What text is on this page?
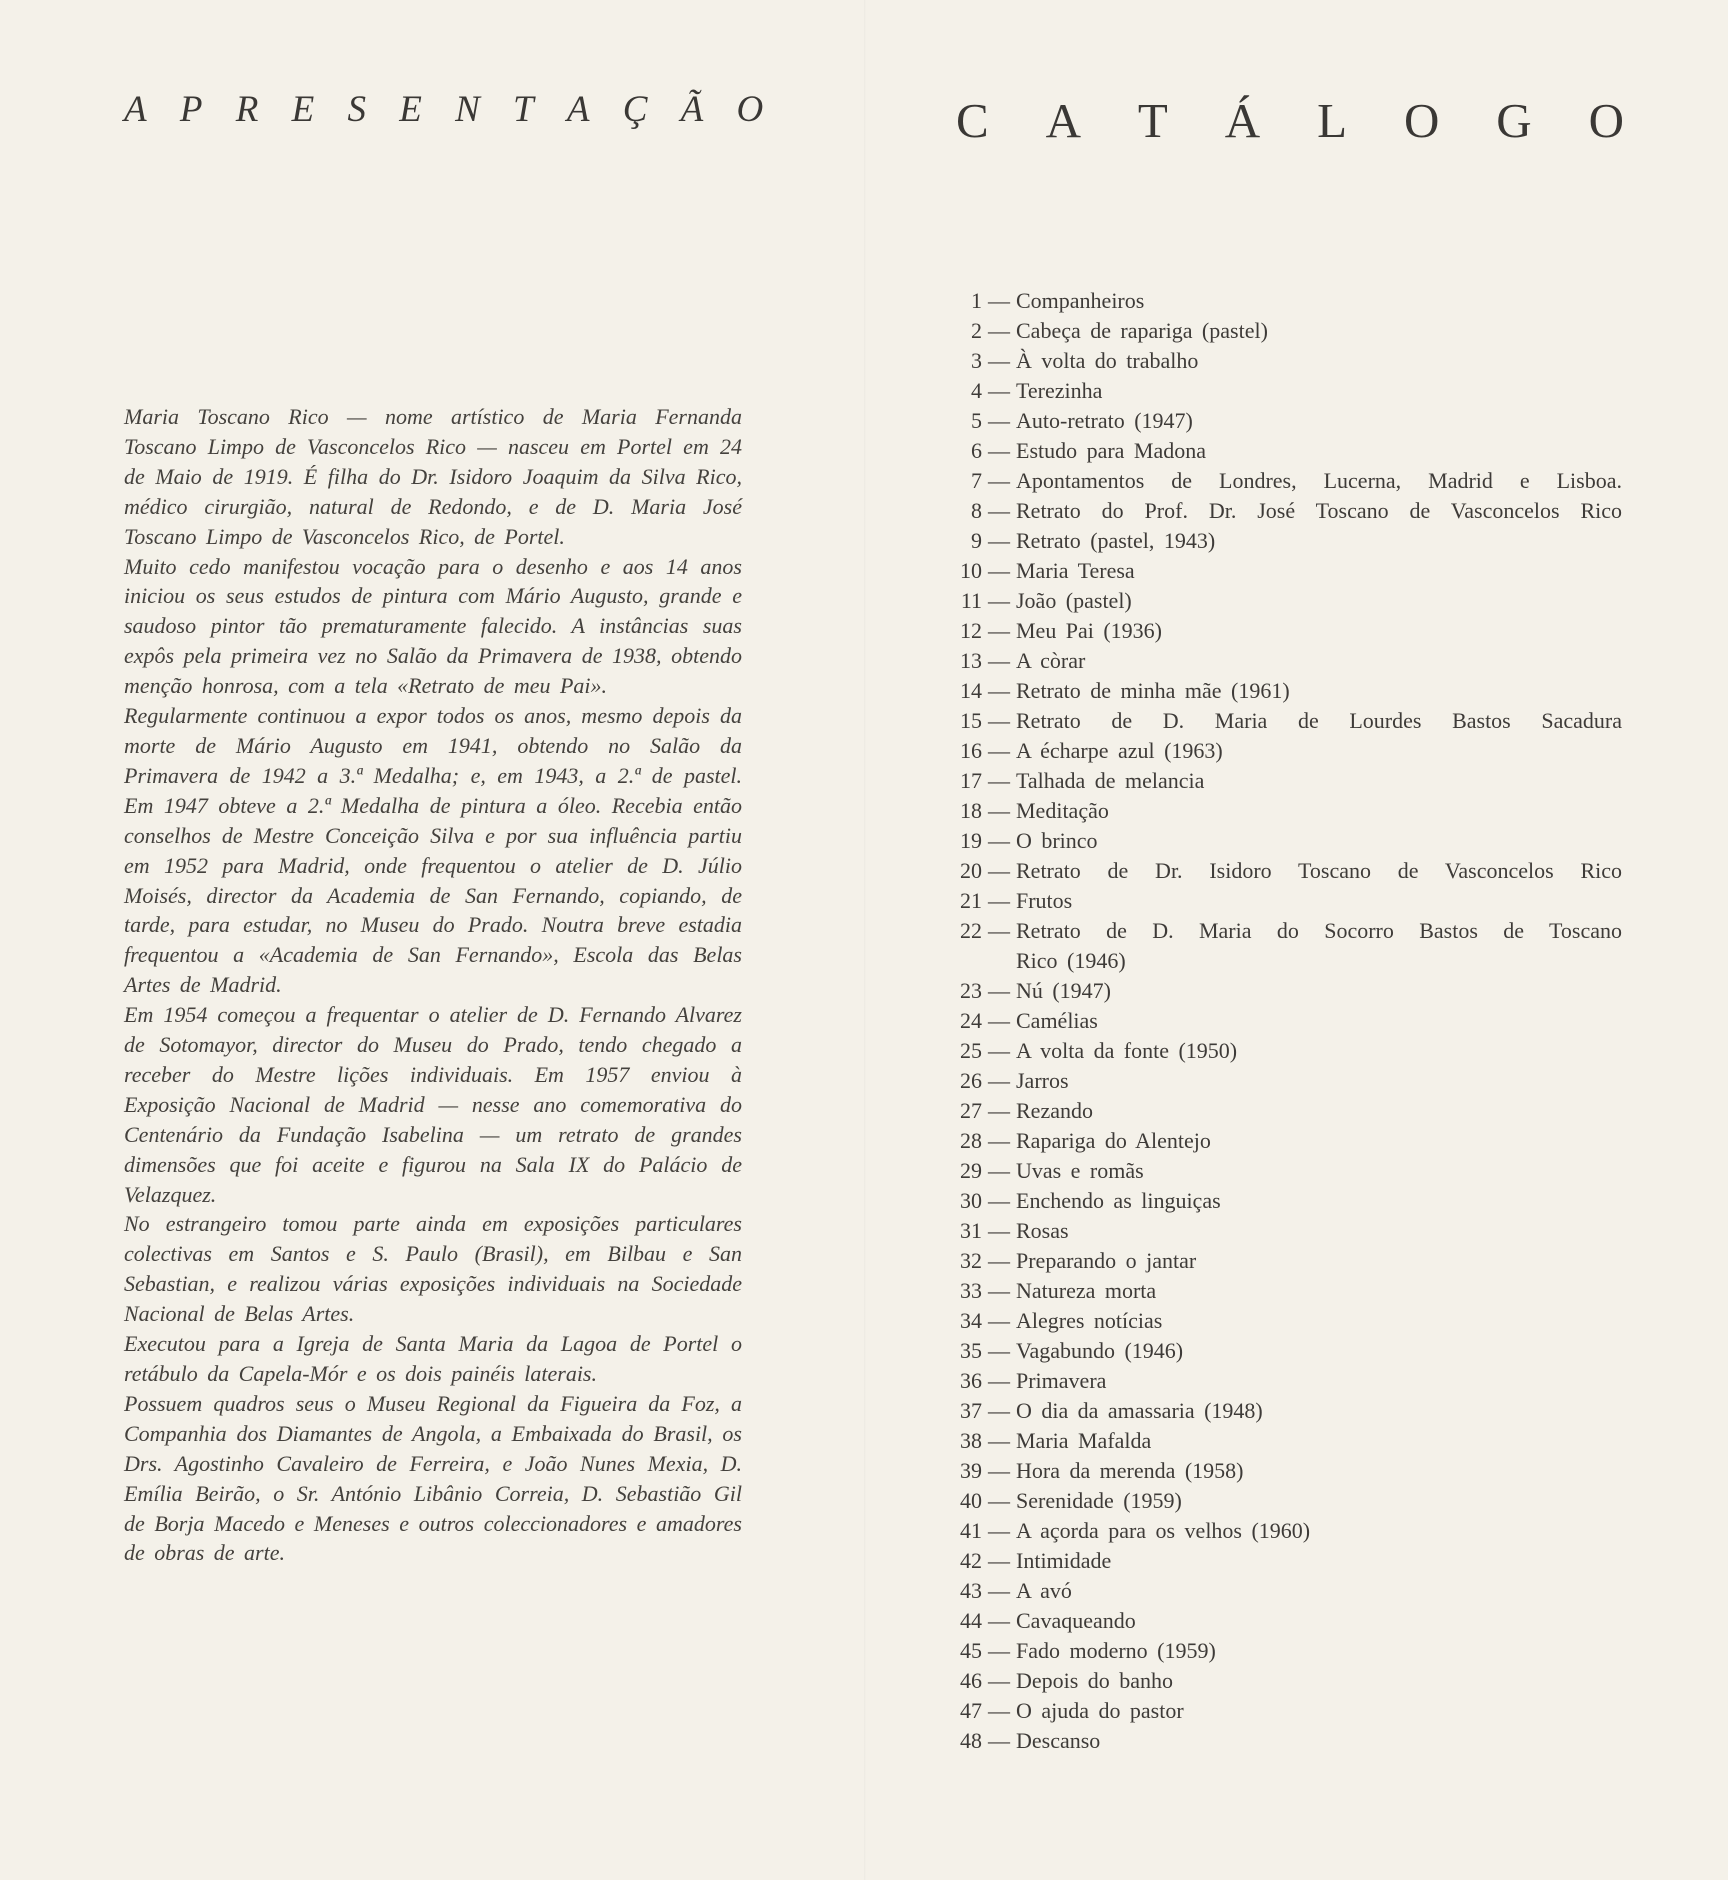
A P R E S E N T A Ç Ã O

Maria Toscano Rico — nome artístico de Maria Fernanda Toscano Limpo de Vasconcelos Rico — nasceu em Portel em 24 de Maio de 1919. É filha do Dr. Isidoro Joaquim da Silva Rico, médico cirurgião, natural de Redondo, e de D. Maria José Toscano Limpo de Vasconcelos Rico, de Portel.

Muito cedo manifestou vocação para o desenho e aos 14 anos iniciou os seus estudos de pintura com Mário Augusto, grande e saudoso pintor tão prematuramente falecido. A instâncias suas expôs pela primeira vez no Salão da Primavera de 1938, obtendo menção honrosa, com a tela «Retrato de meu Pai».

Regularmente continuou a expor todos os anos, mesmo depois da morte de Mário Augusto em 1941, obtendo no Salão da Primavera de 1942 a 3.ª Medalha; e, em 1943, a 2.ª de pastel. Em 1947 obteve a 2.ª Medalha de pintura a óleo. Recebia então conselhos de Mestre Conceição Silva e por sua influência partiu em 1952 para Madrid, onde frequentou o atelier de D. Júlio Moisés, director da Academia de San Fernando, copiando, de tarde, para estudar, no Museu do Prado. Noutra breve estadia frequentou a «Academia de San Fernando», Escola das Belas Artes de Madrid.

Em 1954 começou a frequentar o atelier de D. Fernando Alvarez de Sotomayor, director do Museu do Prado, tendo chegado a receber do Mestre lições individuais. Em 1957 enviou à Exposição Nacional de Madrid — nesse ano comemorativa do Centenário da Fundação Isabelina — um retrato de grandes dimensões que foi aceite e figurou na Sala IX do Palácio de Velazquez.

No estrangeiro tomou parte ainda em exposições particulares colectivas em Santos e S. Paulo (Brasil), em Bilbau e San Sebastian, e realizou várias exposições individuais na Sociedade Nacional de Belas Artes.

Executou para a Igreja de Santa Maria da Lagoa de Portel o retábulo da Capela-Mór e os dois painéis laterais.

Possuem quadros seus o Museu Regional da Figueira da Foz, a Companhia dos Diamantes de Angola, a Embaixada do Brasil, os Drs. Agostinho Cavaleiro de Ferreira, e João Nunes Mexia, D. Emília Beirão, o Sr. António Libânio Correia, D. Sebastião Gil de Borja Macedo e Meneses e outros coleccionadores e amadores de obras de arte.

C A T Á L O G O
1 — Companheiros
2 — Cabeça de rapariga (pastel)
3 — À volta do trabalho
4 — Terezinha
5 — Auto-retrato (1947)
6 — Estudo para Madona
7 — Apontamentos de Londres, Lucerna, Madrid e Lisboa.
8 — Retrato do Prof. Dr. José Toscano de Vasconcelos Rico
9 — Retrato (pastel, 1943)
10 — Maria Teresa
11 — João (pastel)
12 — Meu Pai (1936)
13 — A còrar
14 — Retrato de minha mãe (1961)
15 — Retrato de D. Maria de Lourdes Bastos Sacadura
16 — A écharpe azul (1963)
17 — Talhada de melancia
18 — Meditação
19 — O brinco
20 — Retrato de Dr. Isidoro Toscano de Vasconcelos Rico
21 — Frutos
22 — Retrato de D. Maria do Socorro Bastos de Toscano
Rico (1946)
23 — Nú (1947)
24 — Camélias
25 — A volta da fonte (1950)
26 — Jarros
27 — Rezando
28 — Rapariga do Alentejo
29 — Uvas e romãs
30 — Enchendo as linguiças
31 — Rosas
32 — Preparando o jantar
33 — Natureza morta
34 — Alegres notícias
35 — Vagabundo (1946)
36 — Primavera
37 — O dia da amassaria (1948)
38 — Maria Mafalda
39 — Hora da merenda (1958)
40 — Serenidade (1959)
41 — A açorda para os velhos (1960)
42 — Intimidade
43 — A avó
44 — Cavaqueando
45 — Fado moderno (1959)
46 — Depois do banho
47 — O ajuda do pastor
48 — Descanso
